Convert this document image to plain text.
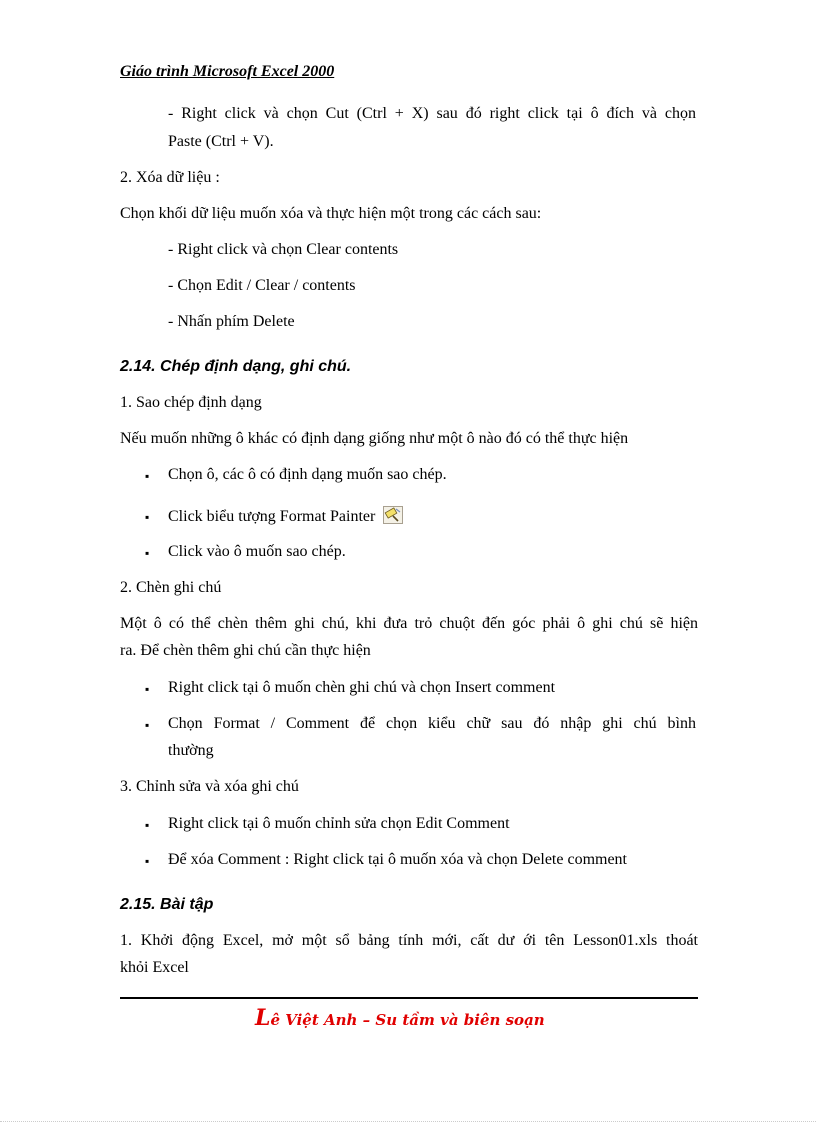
Giáo trình Microsoft Excel 2000
- Right click và chọn Cut (Ctrl + X) sau đó right click tại ô đích và chọn
Paste (Ctrl + V).
2. Xóa dữ liệu :
Chọn khối dữ liệu muốn xóa và thực hiện một trong các cách sau:
- Right click và chọn Clear contents
- Chọn Edit / Clear / contents
- Nhấn phím Delete
2.14. Chép định dạng, ghi chú.
1. Sao chép định dạng
Nếu muốn những ô khác có định dạng giống như một ô nào đó có thể thực hiện
▪ Chọn ô, các ô có định dạng muốn sao chép.
▪ Click biểu tượng Format Painter
▪ Click vào ô muốn sao chép.
2. Chèn ghi chú
Một ô có thể chèn thêm ghi chú, khi đưa trỏ chuột đến góc phải ô ghi chú sẽ hiện
ra. Để chèn thêm ghi chú cần thực hiện
▪ Right click tại ô muốn chèn ghi chú và chọn Insert comment
▪ Chọn Format / Comment để chọn kiểu chữ sau đó nhập ghi chú bình
thường
3. Chỉnh sửa và xóa ghi chú
▪ Right click tại ô muốn chỉnh sửa chọn Edit Comment
▪ Để xóa Comment : Right click tại ô muốn xóa và chọn Delete comment
2.15. Bài tập
1. Khởi động Excel, mở một sổ bảng tính mới, cất dư ới tên Lesson01.xls thoát
khỏi Excel
Lê Việt Anh – Su tầm và biên soạn
